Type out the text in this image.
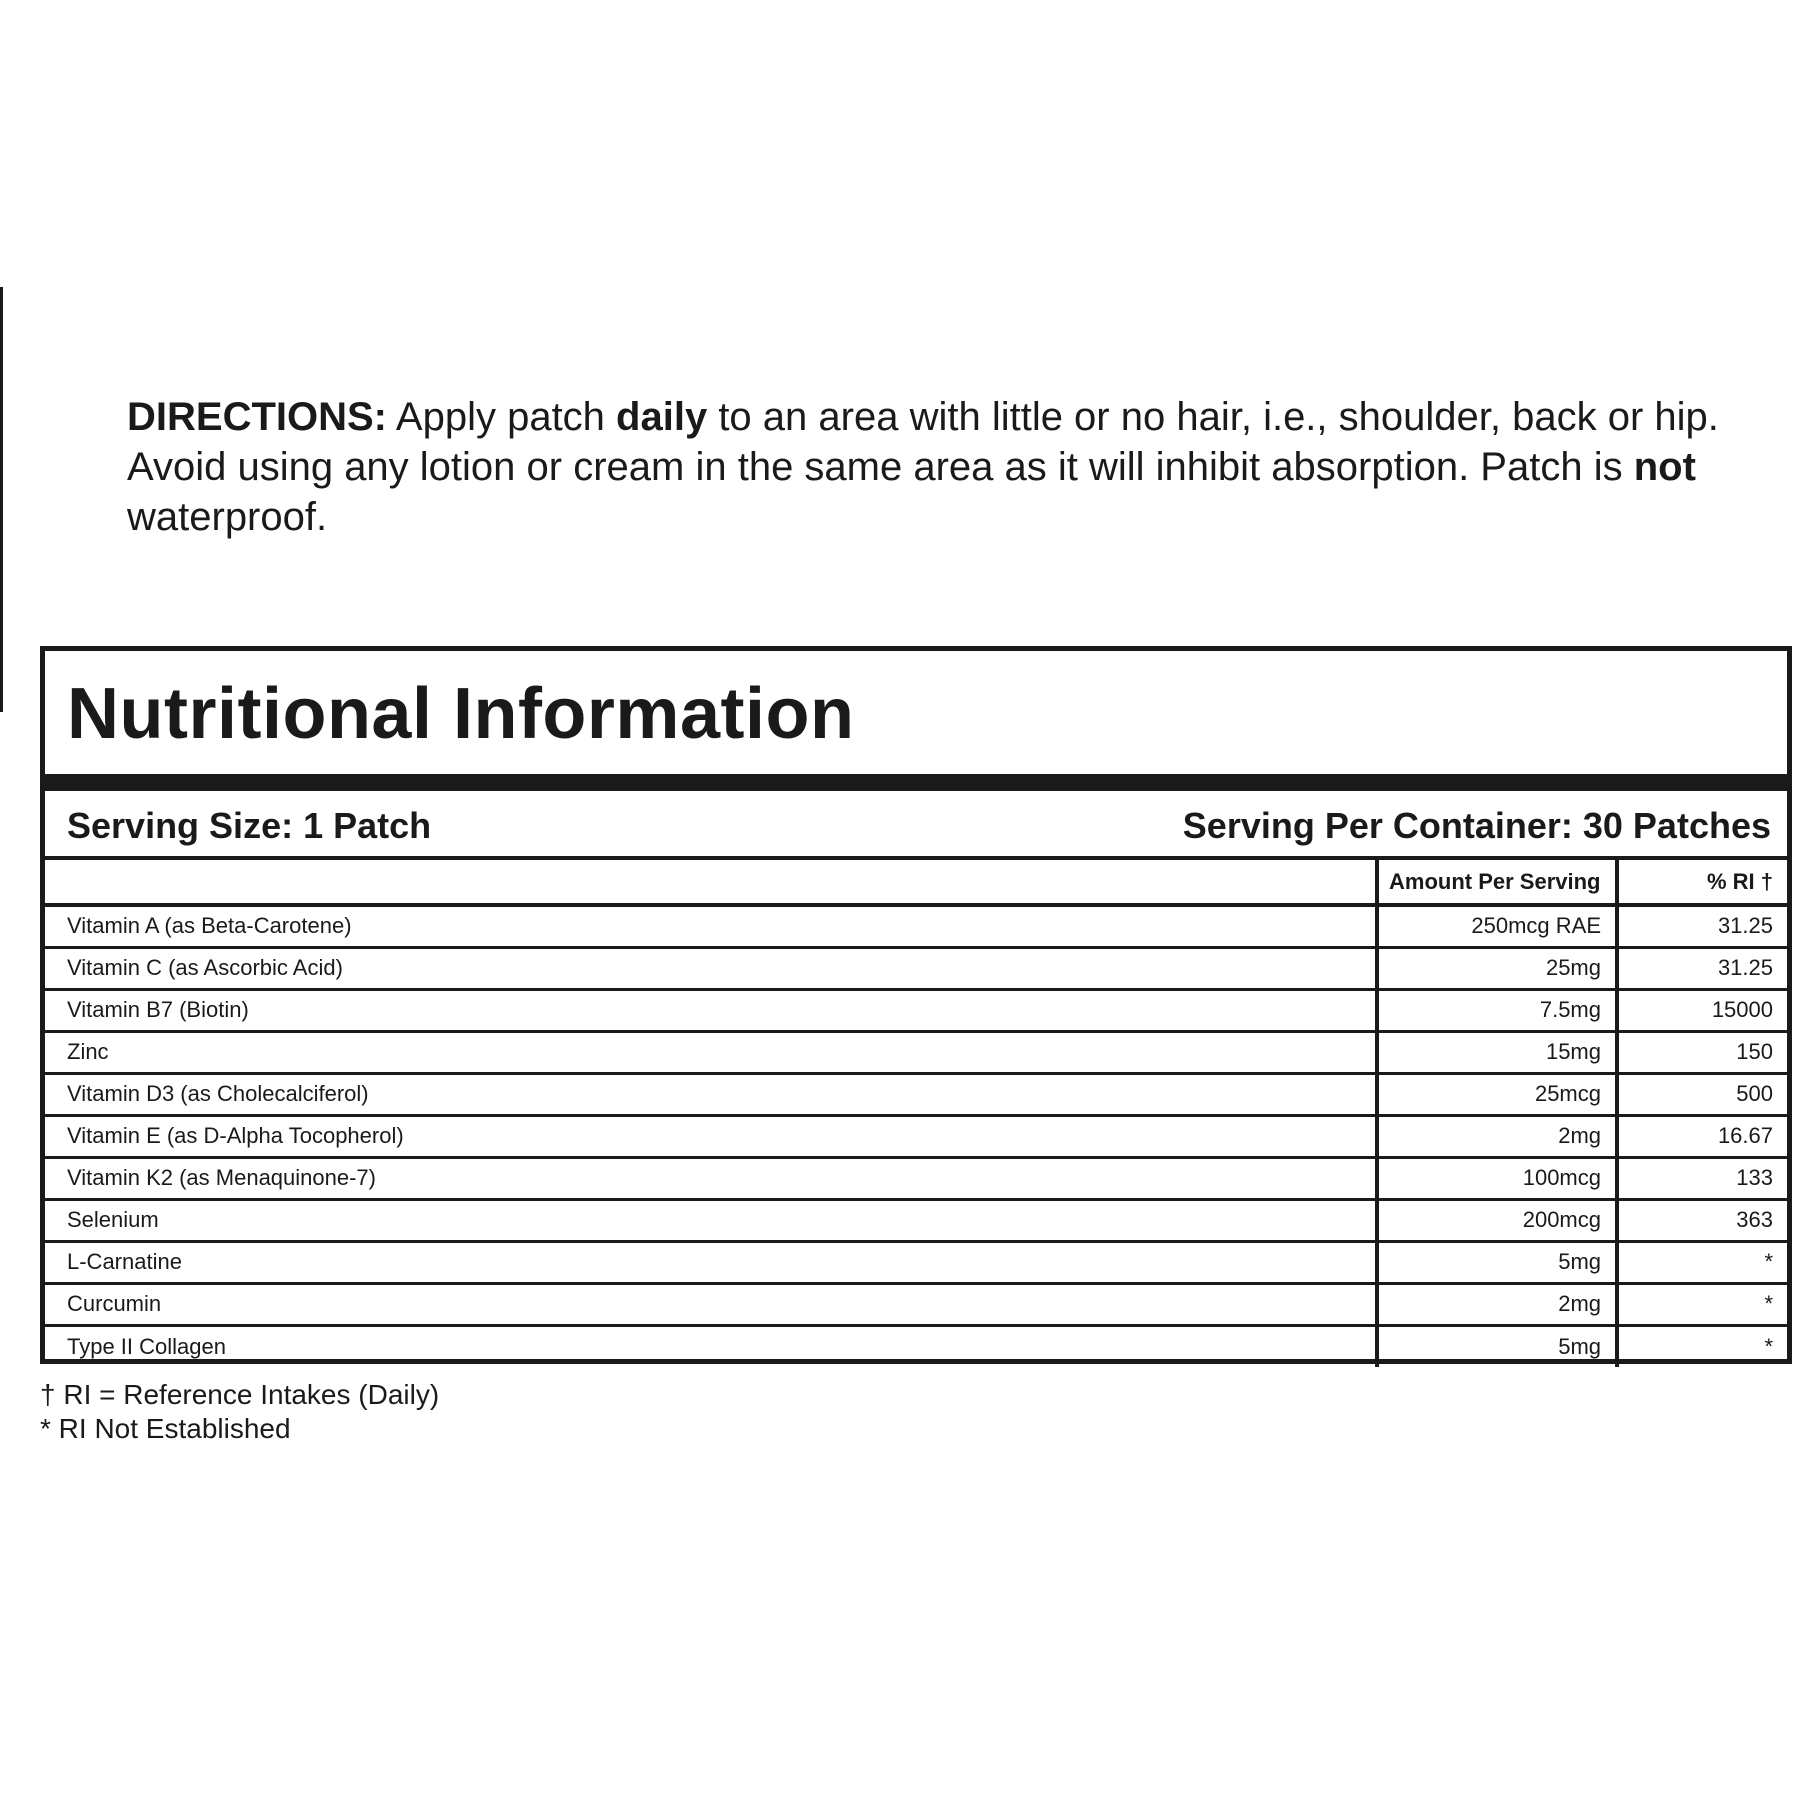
DIRECTIONS: Apply patch daily to an area with little or no hair, i.e., shoulder, back or hip. Avoid using any lotion or cream in the same area as it will inhibit absorption. Patch is not waterproof.

Nutritional Information
Serving Size: 1 Patch	Serving Per Container: 30 Patches
	Amount Per Serving	% RI †
Vitamin A (as Beta-Carotene)	250mcg RAE	31.25
Vitamin C (as Ascorbic Acid)	25mg	31.25
Vitamin B7 (Biotin)	7.5mg	15000
Zinc	15mg	150
Vitamin D3 (as Cholecalciferol)	25mcg	500
Vitamin E (as D-Alpha Tocopherol)	2mg	16.67
Vitamin K2 (as Menaquinone-7)	100mcg	133
Selenium	200mcg	363
L-Carnatine	5mg	*
Curcumin	2mg	*
Type II Collagen	5mg	*
† RI = Reference Intakes (Daily)
* RI Not Established
